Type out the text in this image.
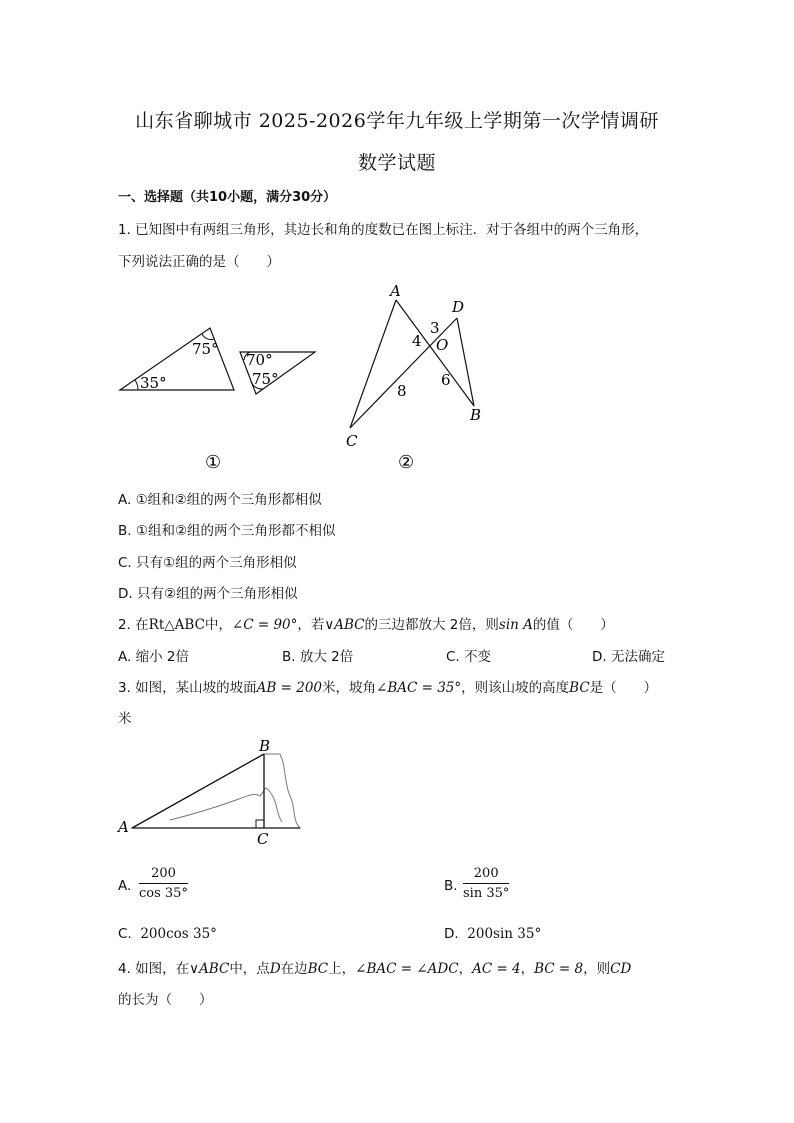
山东省聊城市 2025-2026学年九年级上学期第一次学情调研
数学试题
一、选择题（共10小题，满分30分）
1. 已知图中有两组三角形，其边长和角的度数已在图上标注．对于各组中的两个三角形，
下列说法正确的是（　　）
75°
35°
70°
75°
①
A
D
O
B
C
4
3
8
6
②
A. ①组和②组的两个三角形都相似
B. ①组和②组的两个三角形都不相似
C. 只有①组的两个三角形相似
D. 只有②组的两个三角形相似
2. 在Rt△ABC中，∠C = 90°，若∨ABC的三边都放大 2倍，则sin A的值（　　）
A. 缩小 2倍	B. 放大 2倍	C. 不变	D. 无法确定
3. 如图，某山坡的坡面AB = 200米，坡角∠BAC = 35°，则该山坡的高度BC是（　　）
米
A
B
C
A. $\frac{200}{\cos 35^\circ}$	B. $\frac{200}{\sin 35^\circ}$
C. 200cos 35°	D. 200sin 35°
4. 如图，在∨ABC中，点D在边BC上，∠BAC = ∠ADC，AC = 4，BC = 8，则CD
的长为（　　）
